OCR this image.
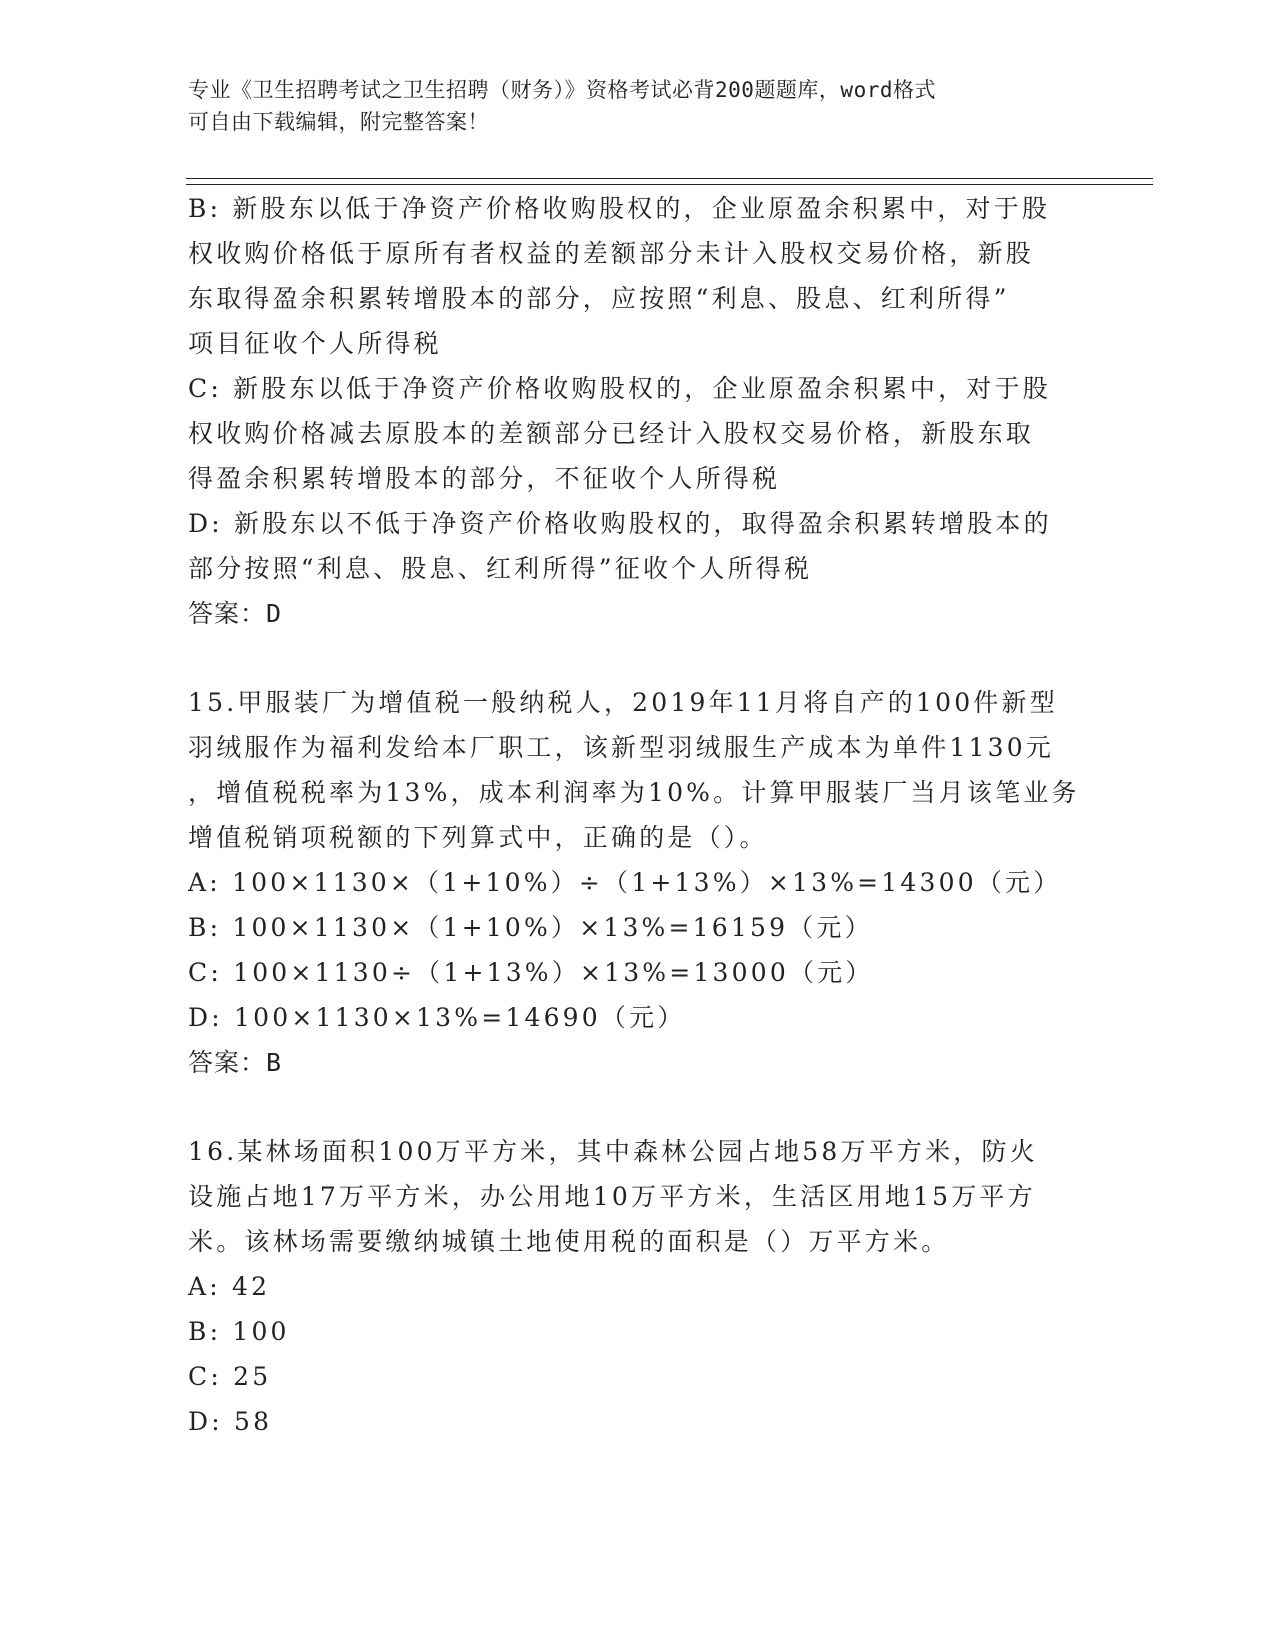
专业《卫生招聘考试之卫生招聘（财务）》资格考试必背200题题库，word格式
可自由下载编辑，附完整答案！

B: 新股东以低于净资产价格收购股权的，企业原盈余积累中，对于股

权收购价格低于原所有者权益的差额部分未计入股权交易价格，新股

东取得盈余积累转增股本的部分，应按照“利息、股息、红利所得”

项目征收个人所得税

C: 新股东以低于净资产价格收购股权的，企业原盈余积累中，对于股

权收购价格减去原股本的差额部分已经计入股权交易价格，新股东取

得盈余积累转增股本的部分，不征收个人所得税

D: 新股东以不低于净资产价格收购股权的，取得盈余积累转增股本的

部分按照“利息、股息、红利所得”征收个人所得税

答案：D

15.甲服装厂为增值税一般纳税人，2019年11月将自产的100件新型

羽绒服作为福利发给本厂职工，该新型羽绒服生产成本为单件1130元

，增值税税率为13%，成本利润率为10%。计算甲服装厂当月该笔业务

增值税销项税额的下列算式中，正确的是（）。

A: 100×1130×（1+10%）÷（1+13%）×13%=14300（元）

B: 100×1130×（1+10%）×13%=16159（元）

C: 100×1130÷（1+13%）×13%=13000（元）

D: 100×1130×13%=14690（元）

答案：B

16.某林场面积100万平方米，其中森林公园占地58万平方米，防火

设施占地17万平方米，办公用地10万平方米，生活区用地15万平方

米。该林场需要缴纳城镇土地使用税的面积是（）万平方米。

A: 42

B: 100

C: 25

D: 58
